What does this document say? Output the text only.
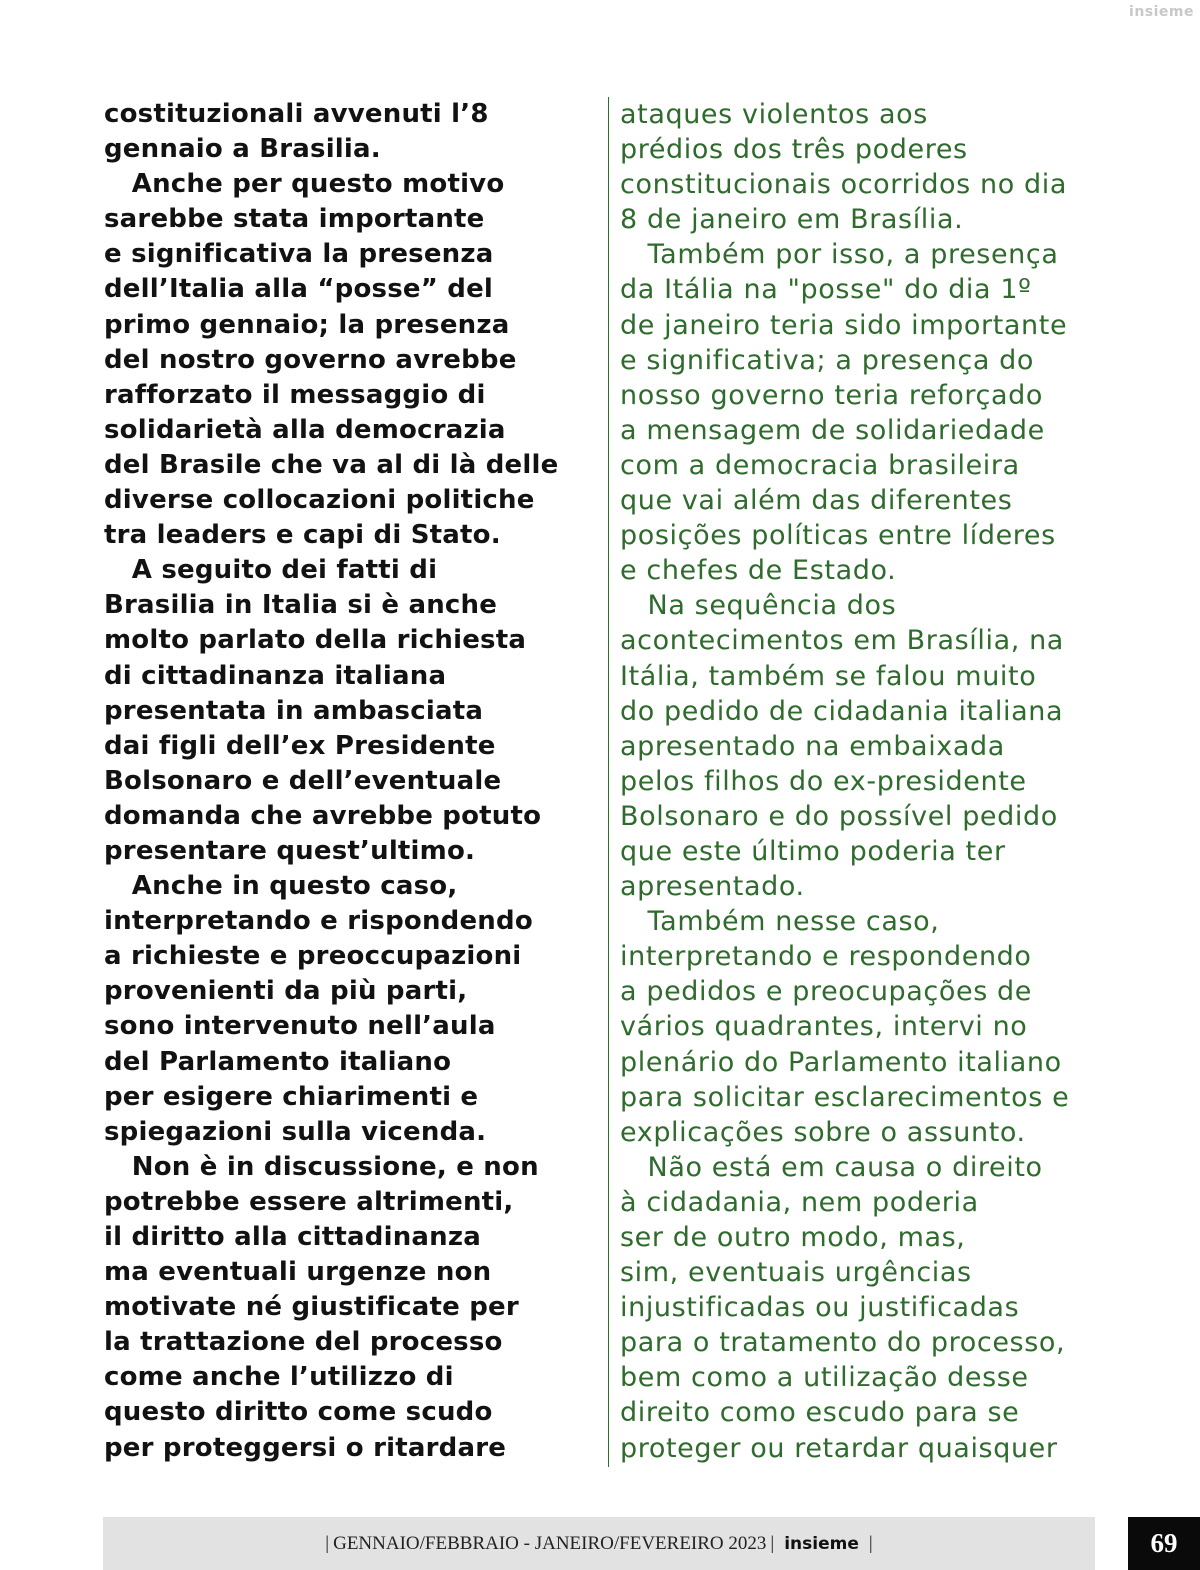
insieme
costituzionali avvenuti l’8
gennaio a Brasilia.
Anche per questo motivo
sarebbe stata importante
e significativa la presenza
dell’Italia alla “posse” del
primo gennaio; la presenza
del nostro governo avrebbe
rafforzato il messaggio di
solidarietà alla democrazia
del Brasile che va al di là delle
diverse collocazioni politiche
tra leaders e capi di Stato.
A seguito dei fatti di
Brasilia in Italia si è anche
molto parlato della richiesta
di cittadinanza italiana
presentata in ambasciata
dai figli dell’ex Presidente
Bolsonaro e dell’eventuale
domanda che avrebbe potuto
presentare quest’ultimo.
Anche in questo caso,
interpretando e rispondendo
a richieste e preoccupazioni
provenienti da più parti,
sono intervenuto nell’aula
del Parlamento italiano
per esigere chiarimenti e
spiegazioni sulla vicenda.
Non è in discussione, e non
potrebbe essere altrimenti,
il diritto alla cittadinanza
ma eventuali urgenze non
motivate né giustificate per
la trattazione del processo
come anche l’utilizzo di
questo diritto come scudo
per proteggersi o ritardare
ataques violentos aos
prédios dos três poderes
constitucionais ocorridos no dia
8 de janeiro em Brasília.
Também por isso, a presença
da Itália na "posse" do dia 1º
de janeiro teria sido importante
e significativa; a presença do
nosso governo teria reforçado
a mensagem de solidariedade
com a democracia brasileira
que vai além das diferentes
posições políticas entre líderes
e chefes de Estado.
Na sequência dos
acontecimentos em Brasília, na
Itália, também se falou muito
do pedido de cidadania italiana
apresentado na embaixada
pelos filhos do ex-presidente
Bolsonaro e do possível pedido
que este último poderia ter
apresentado.
Também nesse caso,
interpretando e respondendo
a pedidos e preocupações de
vários quadrantes, intervi no
plenário do Parlamento italiano
para solicitar esclarecimentos e
explicações sobre o assunto.
Não está em causa o direito
à cidadania, nem poderia
ser de outro modo, mas,
sim, eventuais urgências
injustificadas ou justificadas
para o tratamento do processo,
bem como a utilização desse
direito como escudo para se
proteger ou retardar quaisquer
| GENNAIO/FEBBRAIO - JANEIRO/FEVEREIRO 2023 | insieme |	69
